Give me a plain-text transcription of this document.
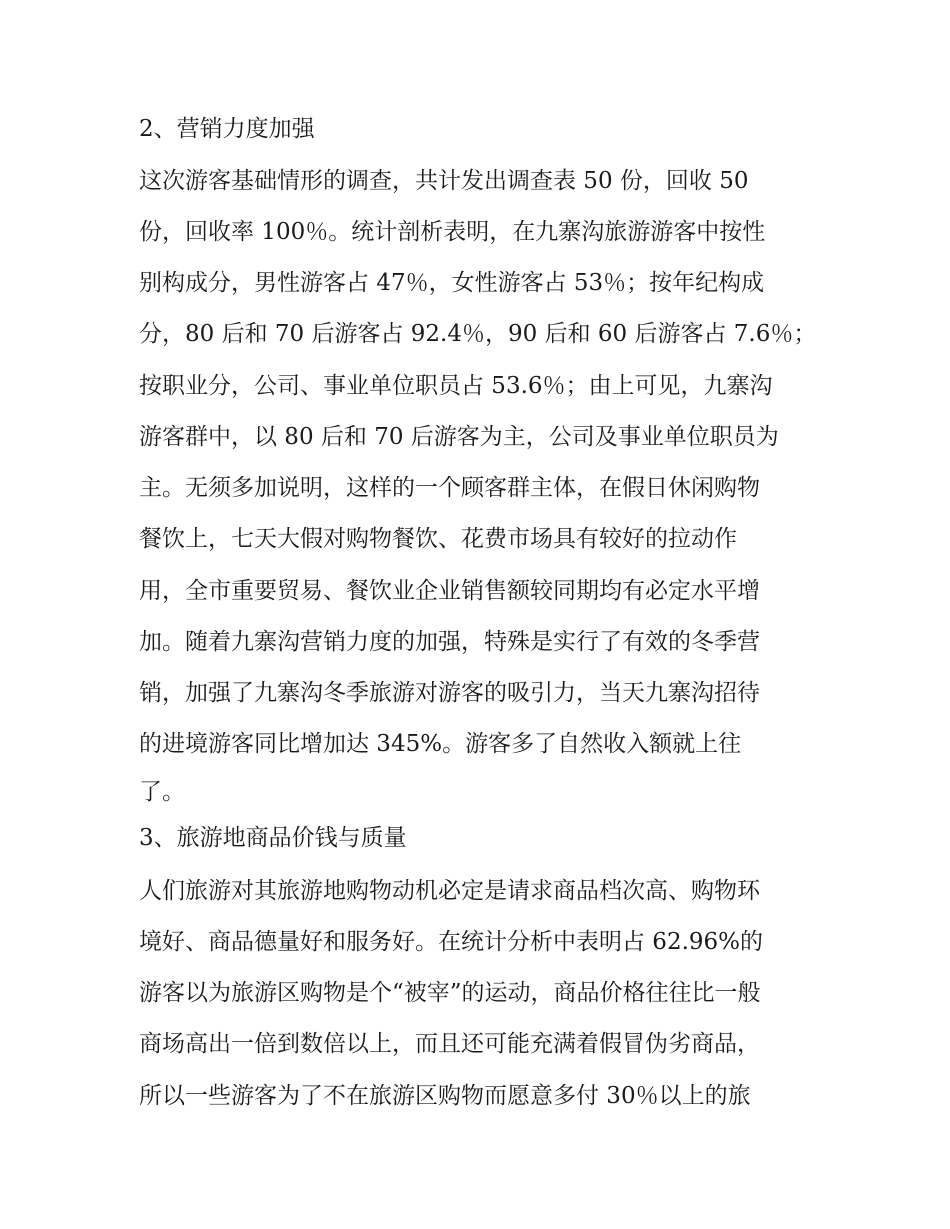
2、营销力度加强

这次游客基础情形的调查，共计发出调查表 50 份，回收 50

份，回收率 100％。统计剖析表明，在九寨沟旅游游客中按性

别构成分，男性游客占 47％，女性游客占 53％；按年纪构成

分，80 后和 70 后游客占 92.4％，90 后和 60 后游客占 7.6％；

按职业分，公司、事业单位职员占 53.6％；由上可见，九寨沟

游客群中，以 80 后和 70 后游客为主，公司及事业单位职员为

主。无须多加说明，这样的一个顾客群主体，在假日休闲购物

餐饮上，七天大假对购物餐饮、花费市场具有较好的拉动作

用，全市重要贸易、餐饮业企业销售额较同期均有必定水平增

加。随着九寨沟营销力度的加强，特殊是实行了有效的冬季营

销，加强了九寨沟冬季旅游对游客的吸引力，当天九寨沟招待

的进境游客同比增加达 345%。游客多了自然收入额就上往

了。

3、旅游地商品价钱与质量

人们旅游对其旅游地购物动机必定是请求商品档次高、购物环

境好、商品德量好和服务好。在统计分析中表明占 62.96%的

游客以为旅游区购物是个“被宰”的运动，商品价格往往比一般

商场高出一倍到数倍以上，而且还可能充满着假冒伪劣商品，

所以一些游客为了不在旅游区购物而愿意多付 30％以上的旅
